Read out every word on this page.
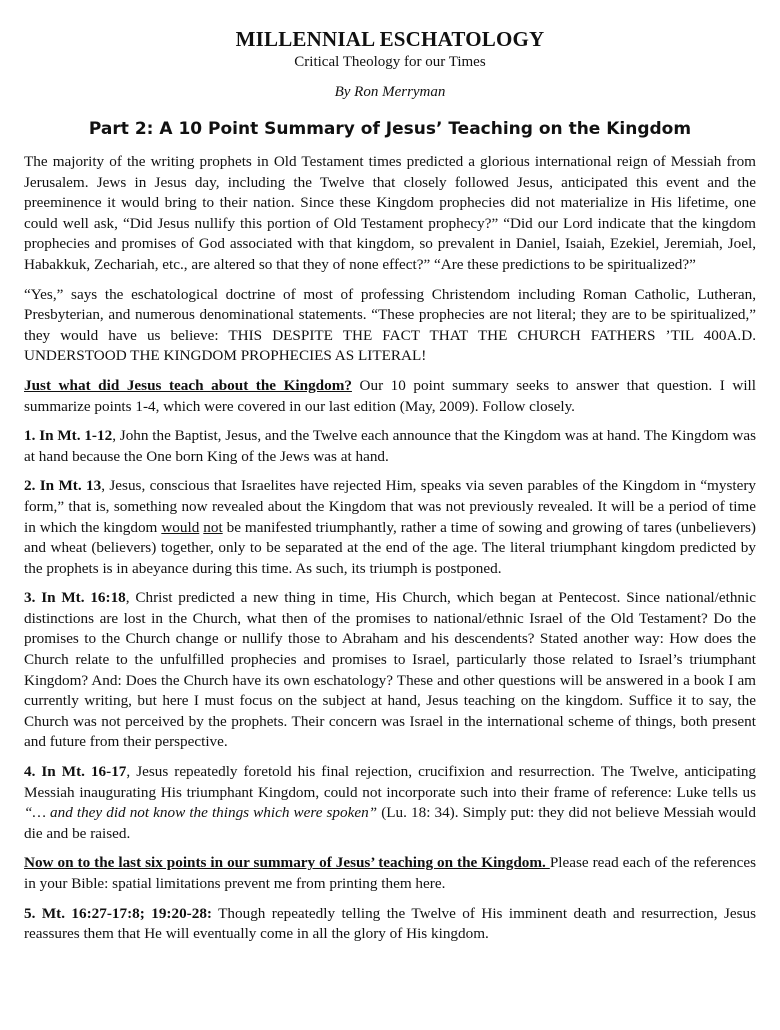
MILLENNIAL ESCHATOLOGY
Critical Theology for our Times
By Ron Merryman
Part 2: A 10 Point Summary of Jesus’ Teaching on the Kingdom

The majority of the writing prophets in Old Testament times predicted a glorious international reign of Messiah from Jerusalem. Jews in Jesus day, including the Twelve that closely followed Jesus, anticipated this event and the preeminence it would bring to their nation. Since these Kingdom prophecies did not materialize in His lifetime, one could well ask, “Did Jesus nullify this portion of Old Testament prophecy?” “Did our Lord indicate that the kingdom prophecies and promises of God associated with that kingdom, so prevalent in Daniel, Isaiah, Ezekiel, Jeremiah, Joel, Habakkuk, Zechariah, etc., are altered so that they of none effect?” “Are these predictions to be spiritualized?”

“Yes,” says the eschatological doctrine of most of professing Christendom including Roman Catholic, Lutheran, Presbyterian, and numerous denominational statements. “These prophecies are not literal; they are to be spiritualized,” they would have us believe: THIS DESPITE THE FACT THAT THE CHURCH FATHERS ’TIL 400A.D. UNDERSTOOD THE KINGDOM PROPHECIES AS LITERAL!

Just what did Jesus teach about the Kingdom? Our 10 point summary seeks to answer that question. I will summarize points 1-4, which were covered in our last edition (May, 2009). Follow closely.

1. In Mt. 1-12, John the Baptist, Jesus, and the Twelve each announce that the Kingdom was at hand. The Kingdom was at hand because the One born King of the Jews was at hand.

2. In Mt. 13, Jesus, conscious that Israelites have rejected Him, speaks via seven parables of the Kingdom in “mystery form,” that is, something now revealed about the Kingdom that was not previously revealed. It will be a period of time in which the kingdom would not be manifested triumphantly, rather a time of sowing and growing of tares (unbelievers) and wheat (believers) together, only to be separated at the end of the age. The literal triumphant kingdom predicted by the prophets is in abeyance during this time. As such, its triumph is postponed.

3. In Mt. 16:18, Christ predicted a new thing in time, His Church, which began at Pentecost. Since national/ethnic distinctions are lost in the Church, what then of the promises to national/ethnic Israel of the Old Testament? Do the promises to the Church change or nullify those to Abraham and his descendents? Stated another way: How does the Church relate to the unfulfilled prophecies and promises to Israel, particularly those related to Israel’s triumphant Kingdom? And: Does the Church have its own eschatology? These and other questions will be answered in a book I am currently writing, but here I must focus on the subject at hand, Jesus teaching on the kingdom. Suffice it to say, the Church was not perceived by the prophets. Their concern was Israel in the international scheme of things, both present and future from their perspective.

4. In Mt. 16-17, Jesus repeatedly foretold his final rejection, crucifixion and resurrection. The Twelve, anticipating Messiah inaugurating His triumphant Kingdom, could not incorporate such into their frame of reference: Luke tells us “… and they did not know the things which were spoken” (Lu. 18: 34). Simply put: they did not believe Messiah would die and be raised.

Now on to the last six points in our summary of Jesus’ teaching on the Kingdom. Please read each of the references in your Bible: spatial limitations prevent me from printing them here.

5. Mt. 16:27-17:8; 19:20-28: Though repeatedly telling the Twelve of His imminent death and resurrection, Jesus reassures them that He will eventually come in all the glory of His kingdom.
